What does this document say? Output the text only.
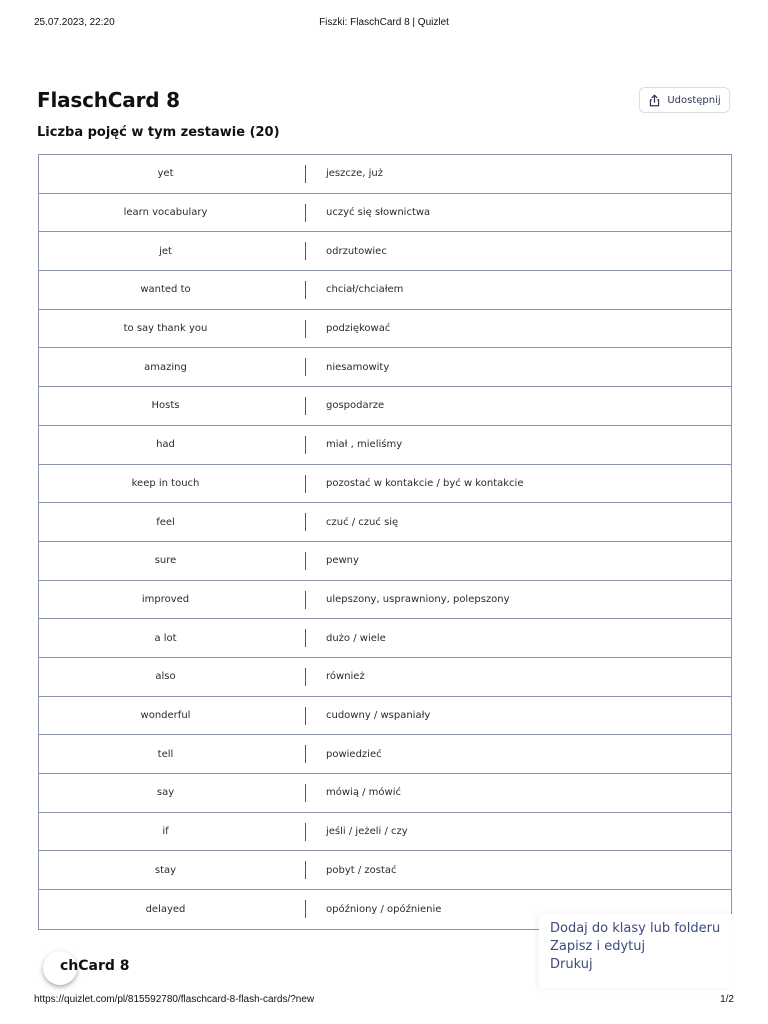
25.07.2023, 22:20	Fiszki: FlaschCard 8 | Quizlet
FlaschCard 8	Udostępnij
Liczba pojęć w tym zestawie (20)
yet	jeszcze, już
learn vocabulary	uczyć się słownictwa
jet	odrzutowiec
wanted to	chciał/chciałem
to say thank you	podziękować
amazing	niesamowity
Hosts	gospodarze
had	miał , mieliśmy
keep in touch	pozostać w kontakcie / być w kontakcie
feel	czuć / czuć się
sure	pewny
improved	ulepszony, usprawniony, polepszony
a lot	dużo / wiele
also	również
wonderful	cudowny / wspaniały
tell	powiedzieć
say	mówią / mówić
if	jeśli / jeżeli / czy
stay	pobyt / zostać
delayed	opóźniony / opóźnienie
chCard 8
Dodaj do klasy lub folderu
Zapisz i edytuj
Drukuj
https://quizlet.com/pl/815592780/flaschcard-8-flash-cards/?new	1/2
